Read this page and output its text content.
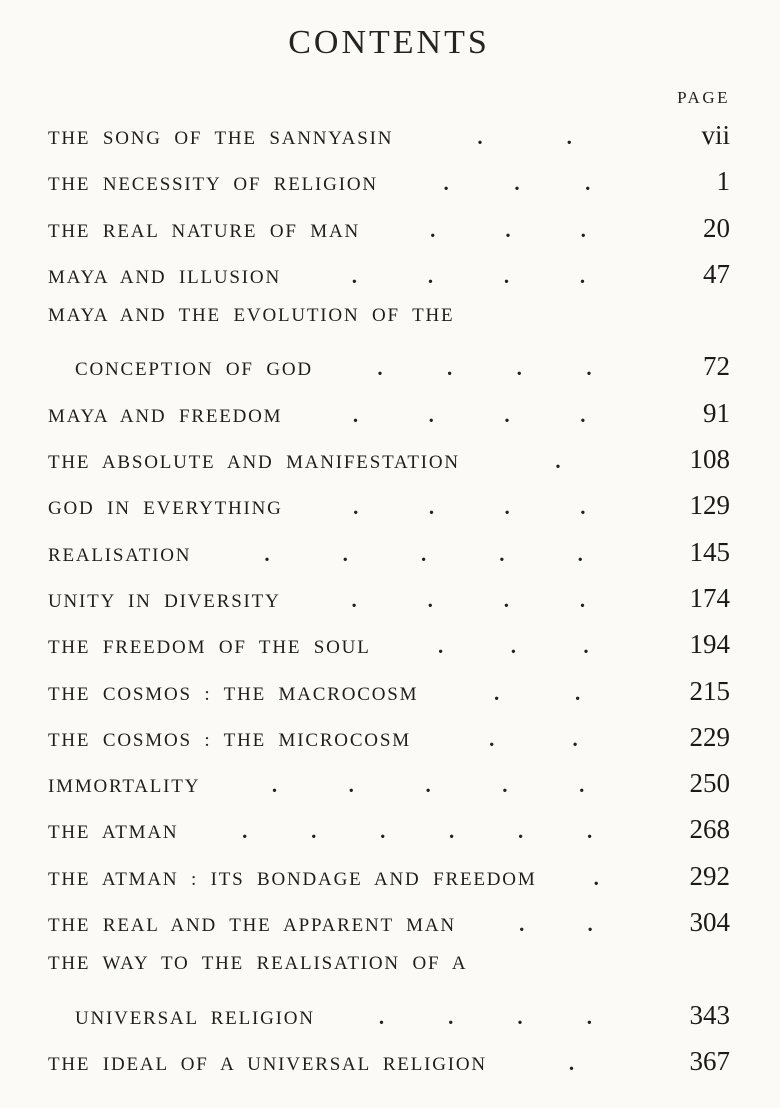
CONTENTS
PAGE
THE SONG OF THE SANNYASIN	.	.	vii
THE NECESSITY OF RELIGION	.	.	.	1
THE REAL NATURE OF MAN	.	.	.	20
MAYA AND ILLUSION	.	.	.	.	47
MAYA AND THE EVOLUTION OF THE
CONCEPTION OF GOD	.	.	.	.	72
MAYA AND FREEDOM	.	.	.	.	91
THE ABSOLUTE AND MANIFESTATION	.	108
GOD IN EVERYTHING	.	.	.	.	129
REALISATION	.	.	.	.	.	145
UNITY IN DIVERSITY	.	.	.	.	174
THE FREEDOM OF THE SOUL	.	.	.	194
THE COSMOS : THE MACROCOSM	.	.	215
THE COSMOS : THE MICROCOSM	.	.	229
IMMORTALITY	.	.	.	.	.	250
THE ATMAN	.	.	.	.	.	.	268
THE ATMAN : ITS BONDAGE AND FREEDOM	.	292
THE REAL AND THE APPARENT MAN	.	.	304
THE WAY TO THE REALISATION OF A
UNIVERSAL RELIGION	.	.	.	.	343
THE IDEAL OF A UNIVERSAL RELIGION	.	367
